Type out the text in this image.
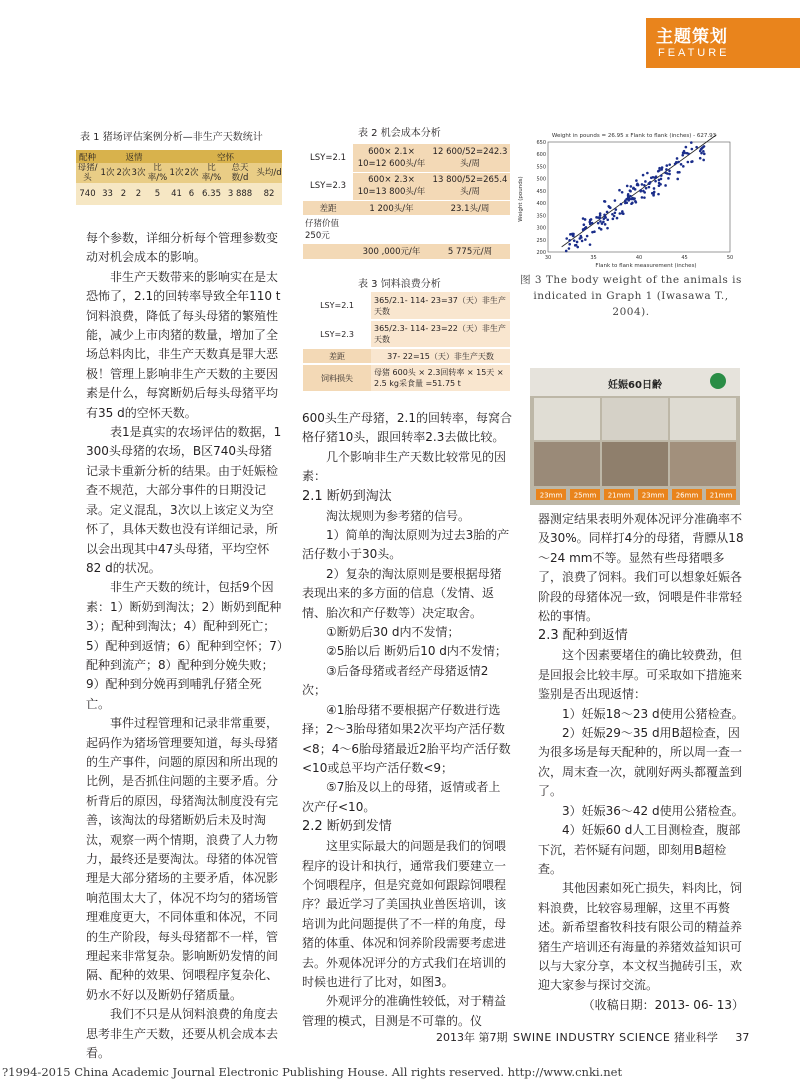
主题策划
FEATURE
表 1 猪场评估案例分析—非生产天数统计
配种	返情				空怀				
母猪/头	1次	2次	3次	比率/%	1次	2次	比率/%	总天数/d	头均/d
740	33	2	2	5	41	6	6.35	3 888	82
表 2 机会成本分析
LSY=2.1	600× 2.1× 10=12 600头/年	12 600/52=242.3头/周
LSY=2.3	600× 2.3× 10=13 800头/年	13 800/52=265.4头/周
差距	1 200头/年	23.1头/周
仔猪价值250元		
	300 ,000元/年	5 775元/周
表 3 饲料浪费分析
LSY=2.1	365/2.1- 114- 23=37（天）非生产天数
LSY=2.3	365/2.3- 114- 23=22（天）非生产天数
差距	37- 22=15（天）非生产天数
饲料损失	母猪 600头 × 2.3回转率 × 15天 × 2.5 kg采食量 =51.75 t

每个参数，详细分析每个管理参数变动对机会成本的影响。

非生产天数带来的影响实在是太恐怖了，2.1的回转率导致全年110 t饲料浪费，降低了每头母猪的繁殖性能，减少上市肉猪的数量，增加了全场总料肉比，非生产天数真是罪大恶极！管理上影响非生产天数的主要因素是什么，每窝断奶后每头母猪平均有35 d的空怀天数。

表1是真实的农场评估的数据，1 300头母猪的农场，B区740头母猪记录卡重新分析的结果。由于妊娠检查不规范，大部分事件的日期没记录。定义混乱，3次以上该定义为空怀了，具体天数也没有详细记录，所以会出现其中47头母猪，平均空怀82 d的状况。

非生产天数的统计，包括9个因素：1）断奶到淘汰；2）断奶到配种3）；配种到淘汰；4）配种到死亡；5）配种到返情；6）配种到空怀；7）配种到流产；8）配种到分娩失败；9）配种到分娩再到哺乳仔猪全死亡。

事件过程管理和记录非常重要，起码作为猪场管理要知道，每头母猪的生产事件，问题的原因和所出现的比例，是否抓住问题的主要矛盾。分析背后的原因，母猪淘汰制度没有完善，该淘汰的母猪断奶后未及时淘汰，观察一两个情期，浪费了人力物力，最终还是要淘汰。母猪的体况管理是大部分猪场的主要矛盾，体况影响范围太大了，体况不均匀的猪场管理难度更大，不同体重和体况，不同的生产阶段，每头母猪都不一样，管理起来非常复杂。影响断奶发情的间隔、配种的效果、饲喂程序复杂化、奶水不好以及断奶仔猪质量。

我们不只是从饲料浪费的角度去思考非生产天数，还要从机会成本去看。

600头生产母猪，2.1的回转率，每窝合格仔猪10头，跟回转率2.3去做比较。

几个影响非生产天数比较常见的因素：

2.1 断奶到淘汰

淘汰规则为参考猪的信号。

1）简单的淘汰原则为过去3胎的产活仔数小于30头。

2）复杂的淘汰原则是要根据母猪表现出来的多方面的信息（发情、返情、胎次和产仔数等）决定取舍。

①断奶后30 d内不发情；

②5胎以后 断奶后10 d内不发情；

③后备母猪或者经产母猪返情2次；

④1胎母猪不要根据产仔数进行选择；2～3胎母猪如果2次平均产活仔数<8；4～6胎母猪最近2胎平均产活仔数<10或总平均产活仔数<9；

⑤7胎及以上的母猪，返情或者上次产仔<10。

2.2 断奶到发情

这里实际最大的问题是我们的饲喂程序的设计和执行，通常我们要建立一个饲喂程序，但是究竟如何跟踪饲喂程序？最近学习了美国执业兽医培训，该培训为此问题提供了不一样的角度，母猪的体重、体况和饲养阶段需要考虑进去。外观体况评分的方式我们在培训的时候也进行了比对，如图3。

外观评分的准确性较低，对于精益管理的模式，目测是不可靠的。仪

Weight in pounds = 26.95 x Flank to flank (inches) - 627.93
Weight (pounds)
Flank to flank measurement (inches)
200
250
300
350
400
450
500
550
600
650
30	35	40	45	50
图 3 The body weight of the animals is indicated in Graph 1 (Iwasawa T., 2004).
妊娠60日齢
23mm 25mm 21mm 23mm 26mm 21mm

器测定结果表明外观体况评分准确率不及30%。同样打4分的母猪，背膘从18～24 mm不等。显然有些母猪喂多了，浪费了饲料。我们可以想象妊娠各阶段的母猪体况一致，饲喂是件非常轻松的事情。

2.3 配种到返情

这个因素要堵住的确比较费劲，但是回报会比较丰厚。可采取如下措施来鉴别是否出现返情：

1）妊娠18～23 d使用公猪检查。

2）妊娠29～35 d用B超检查，因为很多场是每天配种的，所以周一查一次，周末查一次，就刚好两头都覆盖到了。

3）妊娠36～42 d使用公猪检查。

4）妊娠60 d人工目测检查，腹部下沉，若怀疑有问题，即刻用B超检查。

其他因素如死亡损失，料肉比，饲料浪费，比较容易理解，这里不再赘述。新希望畜牧科技有限公司的精益养猪生产培训还有海量的养猪效益知识可以与大家分享，本文权当抛砖引玉，欢迎大家参与探讨交流。

（收稿日期：2013- 06- 13）

2013年 第7期 SWINE INDUSTRY SCIENCE 猪业科学 37
?1994-2015 China Academic Journal Electronic Publishing House. All rights reserved. http://www.cnki.net
